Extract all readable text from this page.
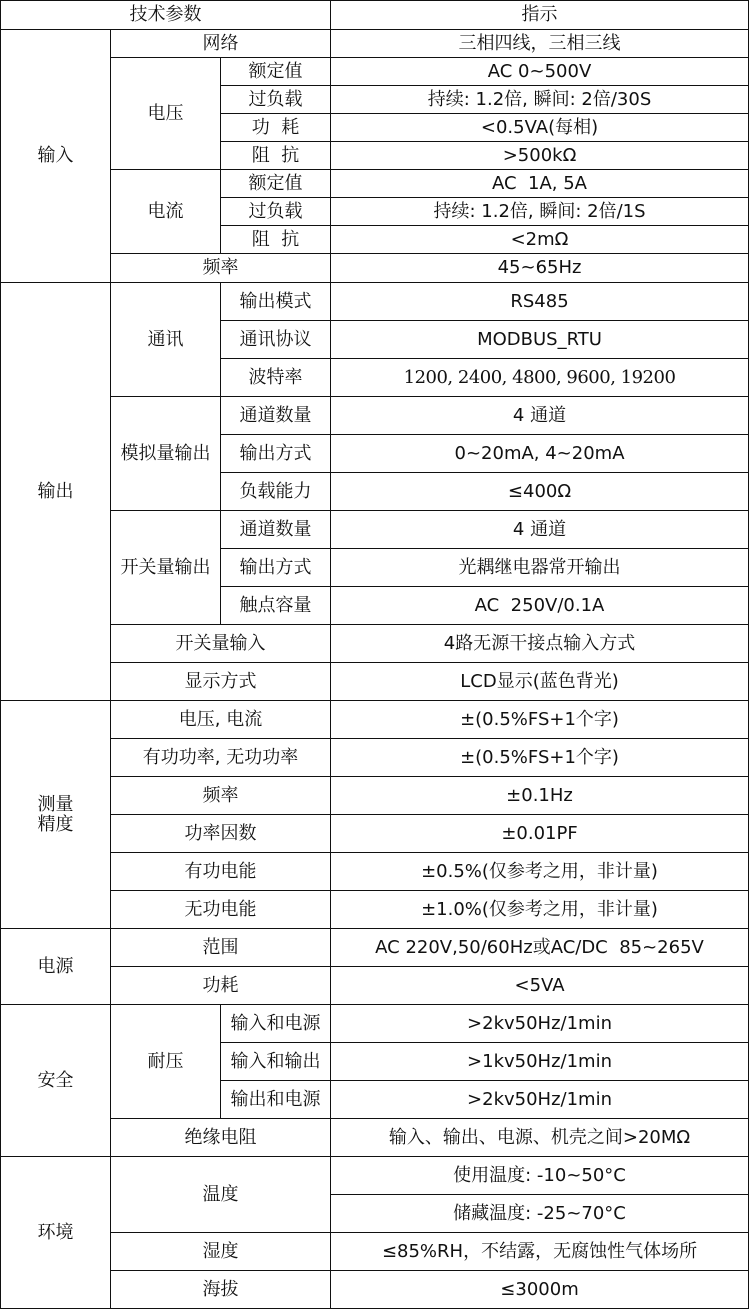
技术参数			指示
输入	网络		三相四线，三相三线
	电压	额定值	AC 0~500V
		过负载	持续: 1.2倍, 瞬间: 2倍/30S
		功  耗	<0.5VA(每相)
		阻  抗	>500kΩ
	电流	额定值	AC  1A, 5A
		过负载	持续: 1.2倍, 瞬间: 2倍/1S
		阻  抗	<2mΩ
	频率		45~65Hz
输出	通讯	输出模式	RS485
		通讯协议	MODBUS_RTU
		波特率	1200, 2400, 4800, 9600, 19200
	模拟量输出	通道数量	4 通道
		输出方式	0~20mA, 4~20mA
		负载能力	≤400Ω
	开关量输出	通道数量	4 通道
		输出方式	光耦继电器常开输出
		触点容量	AC  250V/0.1A
	开关量输入		4路无源干接点输入方式
	显示方式		LCD显示(蓝色背光)

测量
精度	电压, 电流		±(0.5%FS+1个字)
	有功功率, 无功功率		±(0.5%FS+1个字)
	频率		±0.1Hz
	功率因数		±0.01PF
	有功电能		±0.5%(仅参考之用，非计量)
	无功电能		±1.0%(仅参考之用，非计量)
电源	范围		AC 220V,50/60Hz或AC/DC  85~265V
	功耗		<5VA
安全	耐压	输入和电源	>2kv50Hz/1min
		输入和输出	>1kv50Hz/1min
		输出和电源	>2kv50Hz/1min
	绝缘电阻		输入、输出、电源、机壳之间>20MΩ
环境	温度		使用温度: -10~50°C
			储藏温度: -25~70°C
	湿度		≤85%RH，不结露，无腐蚀性气体场所
	海拔		≤3000m
